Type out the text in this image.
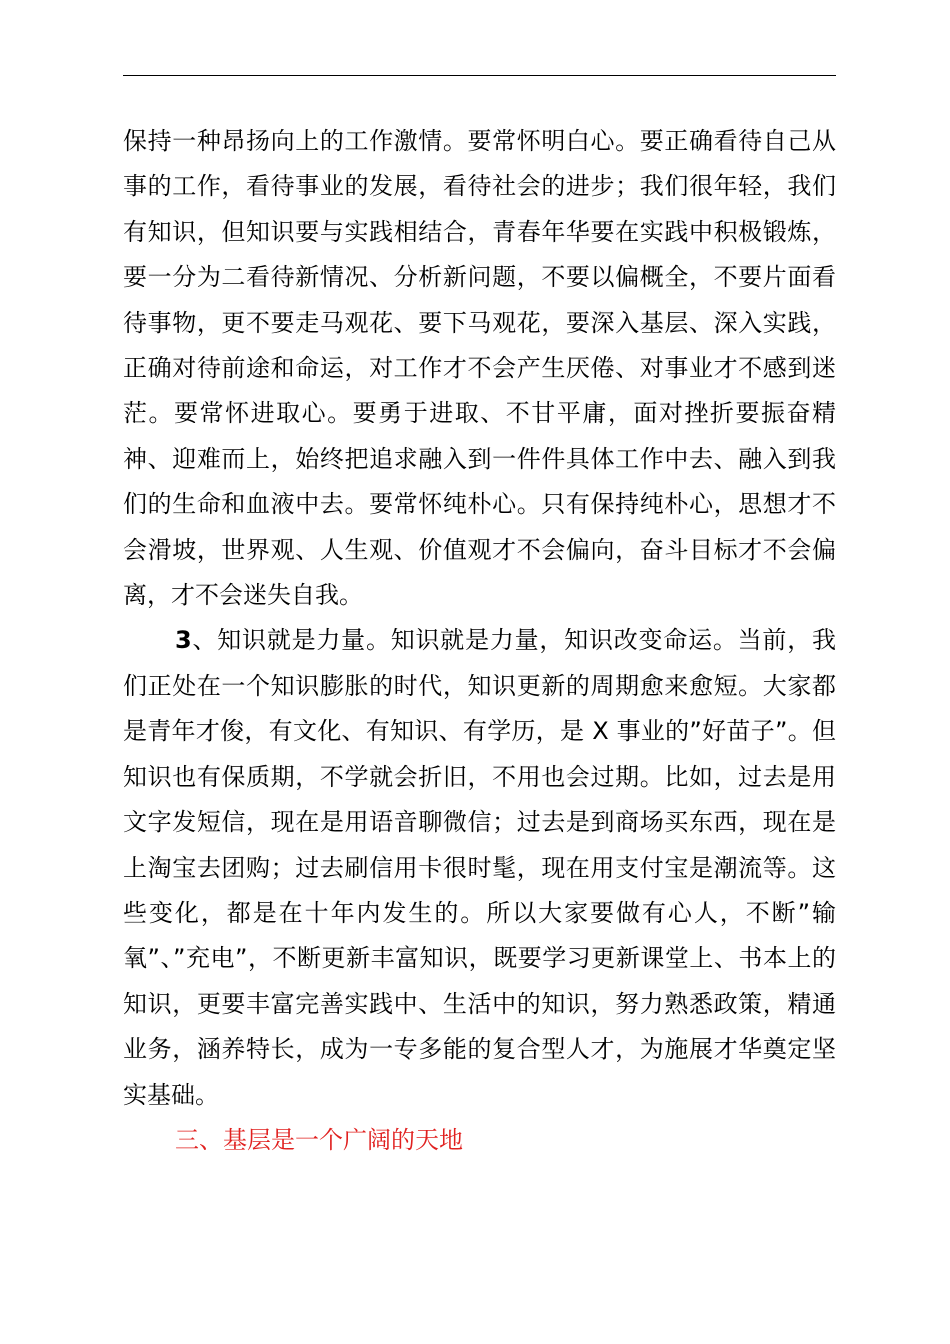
保持一种昂扬向上的工作激情。要常怀明白心。要正确看待自己从事的工作，看待事业的发展，看待社会的进步；我们很年轻，我们有知识，但知识要与实践相结合，青春年华要在实践中积极锻炼，要一分为二看待新情况、分析新问题，不要以偏概全，不要片面看待事物，更不要走马观花、要下马观花，要深入基层、深入实践，正确对待前途和命运，对工作才不会产生厌倦、对事业才不感到迷茫。要常怀进取心。要勇于进取、不甘平庸，面对挫折要振奋精神、迎难而上，始终把追求融入到一件件具体工作中去、融入到我们的生命和血液中去。要常怀纯朴心。只有保持纯朴心，思想才不会滑坡，世界观、人生观、价值观才不会偏向，奋斗目标才不会偏离，才不会迷失自我。

3、知识就是力量。知识就是力量，知识改变命运。当前，我们正处在一个知识膨胀的时代，知识更新的周期愈来愈短。大家都是青年才俊，有文化、有知识、有学历，是 X 事业的”好苗子”。但知识也有保质期，不学就会折旧，不用也会过期。比如，过去是用文字发短信，现在是用语音聊微信；过去是到商场买东西，现在是上淘宝去团购；过去刷信用卡很时髦，现在用支付宝是潮流等。这些变化，都是在十年内发生的。所以大家要做有心人，不断”输氧”、”充电”，不断更新丰富知识，既要学习更新课堂上、书本上的知识，更要丰富完善实践中、生活中的知识，努力熟悉政策，精通业务，涵养特长，成为一专多能的复合型人才，为施展才华奠定坚实基础。

三、基层是一个广阔的天地
